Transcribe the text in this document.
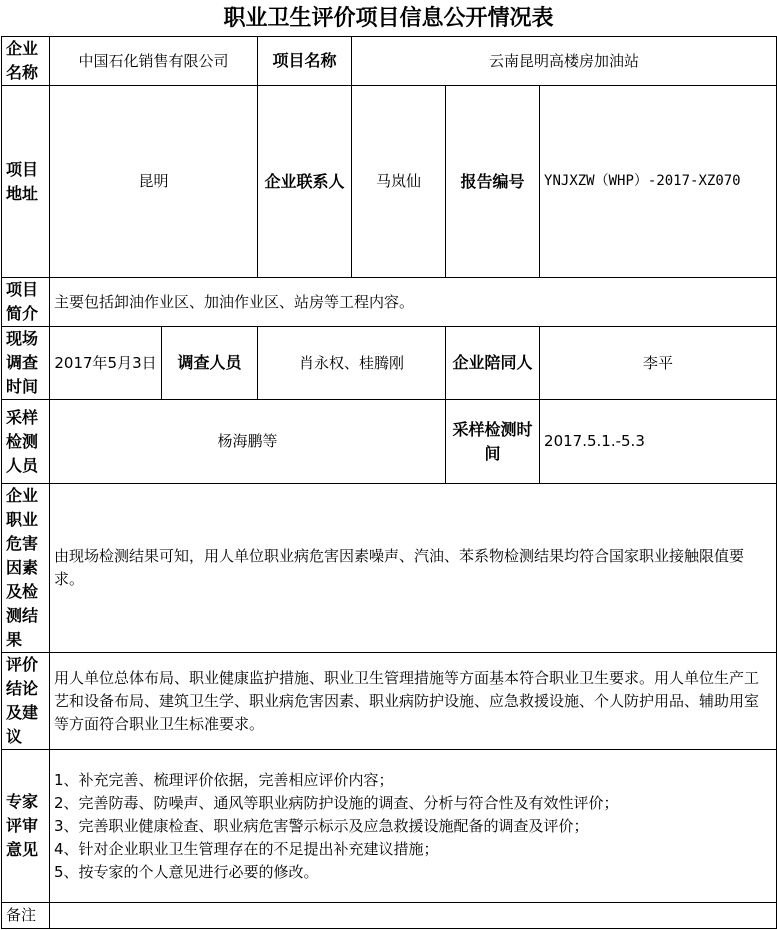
职业卫生评价项目信息公开情况表
企业名称	中国石化销售有限公司		项目名称	云南昆明高楼房加油站		
项目地址	昆明		企业联系人	马岚仙	报告编号	YNJXZW（WHP）-2017-XZ070
项目简介	主要包括卸油作业区、加油作业区、站房等工程内容。					
现场调查时间	2017年5月3日	调查人员	肖永权、桂腾刚		企业陪同人	李平
采样检测人员	杨海鹏等				采样检测时间	2017.5.1.-5.3
企业职业危害因素及检测结果	由现场检测结果可知，用人单位职业病危害因素噪声、汽油、苯系物检测结果均符合国家职业接触限值要求。					
评价结论及建议	用人单位总体布局、职业健康监护措施、职业卫生管理措施等方面基本符合职业卫生要求。用人单位生产工艺和设备布局、建筑卫生学、职业病危害因素、职业病防护设施、应急救援设施、个人防护用品、辅助用室等方面符合职业卫生标准要求。					
专家评审意见	1、补充完善、梳理评价依据，完善相应评价内容；
2、完善防毒、防噪声、通风等职业病防护设施的调查、分析与符合性及有效性评价；
3、完善职业健康检查、职业病危害警示标示及应急救援设施配备的调查及评价；
4、针对企业职业卫生管理存在的不足提出补充建议措施；
5、按专家的个人意见进行必要的修改。					

备注						
